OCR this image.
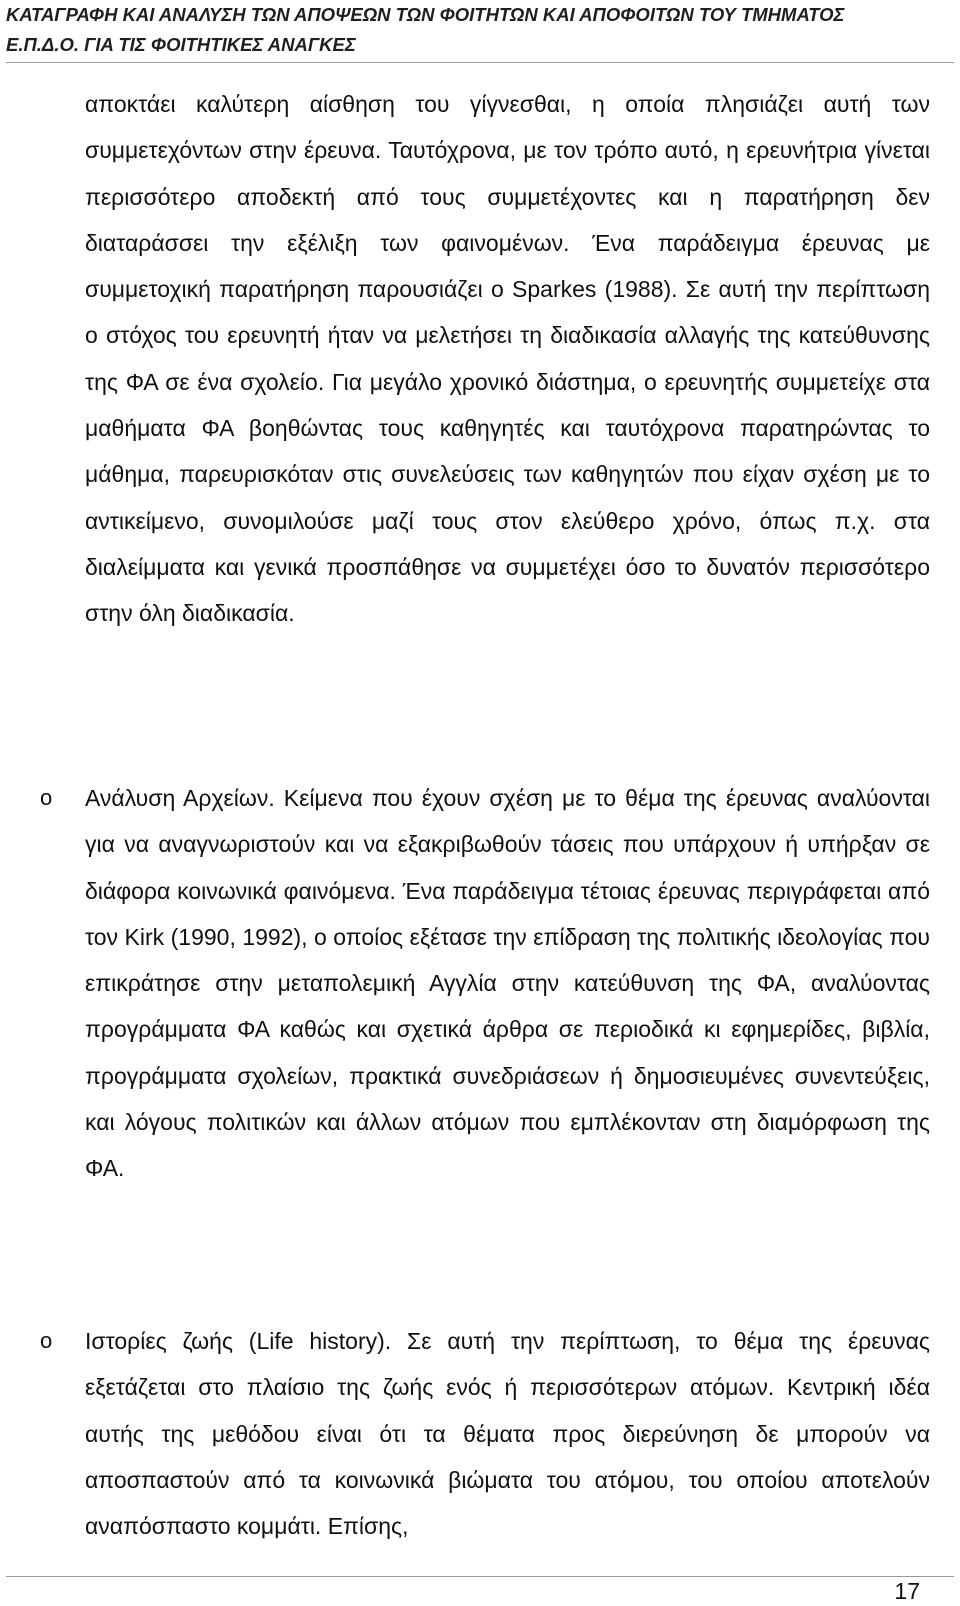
ΚΑΤΑΓΡΑΦΗ ΚΑΙ ΑΝΑΛΥΣΗ ΤΩΝ ΑΠΟΨΕΩΝ ΤΩΝ ΦΟΙΤΗΤΩΝ ΚΑΙ ΑΠΟΦΟΙΤΩΝ ΤΟΥ ΤΜΗΜΑΤΟΣ
Ε.Π.Δ.Ο. ΓΙΑ ΤΙΣ ΦΟΙΤΗΤΙΚΕΣ ΑΝΑΓΚΕΣ

αποκτάει καλύτερη αίσθηση του γίγνεσθαι, η οποία πλησιάζει αυτή των συμμετεχόντων στην έρευνα. Ταυτόχρονα, με τον τρόπο αυτό, η ερευνήτρια γίνεται περισσότερο αποδεκτή από τους συμμετέχοντες και η παρατήρηση δεν διαταράσσει την εξέλιξη των φαινομένων. Ένα παράδειγμα έρευνας με συμμετοχική παρατήρηση παρουσιάζει ο Sparkes (1988). Σε αυτή την περίπτωση ο στόχος του ερευνητή ήταν να μελετήσει τη διαδικασία αλλαγής της κατεύθυνσης της ΦΑ σε ένα σχολείο. Για μεγάλο χρονικό διάστημα, ο ερευνητής συμμετείχε στα μαθήματα ΦΑ βοηθώντας τους καθηγητές και ταυτόχρονα παρατηρώντας το μάθημα, παρευρισκόταν στις συνελεύσεις των καθηγητών που είχαν σχέση με το αντικείμενο, συνομιλούσε μαζί τους στον ελεύθερο χρόνο, όπως π.χ. στα διαλείμματα και γενικά προσπάθησε να συμμετέχει όσο το δυνατόν περισσότερο στην όλη διαδικασία.

o Ανάλυση Αρχείων. Κείμενα που έχουν σχέση με το θέμα της έρευνας αναλύονται για να αναγνωριστούν και να εξακριβωθούν τάσεις που υπάρχουν ή υπήρξαν σε διάφορα κοινωνικά φαινόμενα. Ένα παράδειγμα τέτοιας έρευνας περιγράφεται από τον Kirk (1990, 1992), ο οποίος εξέτασε την επίδραση της πολιτικής ιδεολογίας που επικράτησε στην μεταπολεμική Αγγλία στην κατεύθυνση της ΦΑ, αναλύοντας προγράμματα ΦΑ καθώς και σχετικά άρθρα σε περιοδικά κι εφημερίδες, βιβλία, προγράμματα σχολείων, πρακτικά συνεδριάσεων ή δημοσιευμένες συνεντεύξεις, και λόγους πολιτικών και άλλων ατόμων που εμπλέκονταν στη διαμόρφωση της ΦΑ.

o Ιστορίες ζωής (Life history). Σε αυτή την περίπτωση, το θέμα της έρευνας εξετάζεται στο πλαίσιο της ζωής ενός ή περισσότερων ατόμων. Κεντρική ιδέα αυτής της μεθόδου είναι ότι τα θέματα προς διερεύνηση δε μπορούν να αποσπαστούν από τα κοινωνικά βιώματα του ατόμου, του οποίου αποτελούν αναπόσπαστο κομμάτι. Επίσης,

17
